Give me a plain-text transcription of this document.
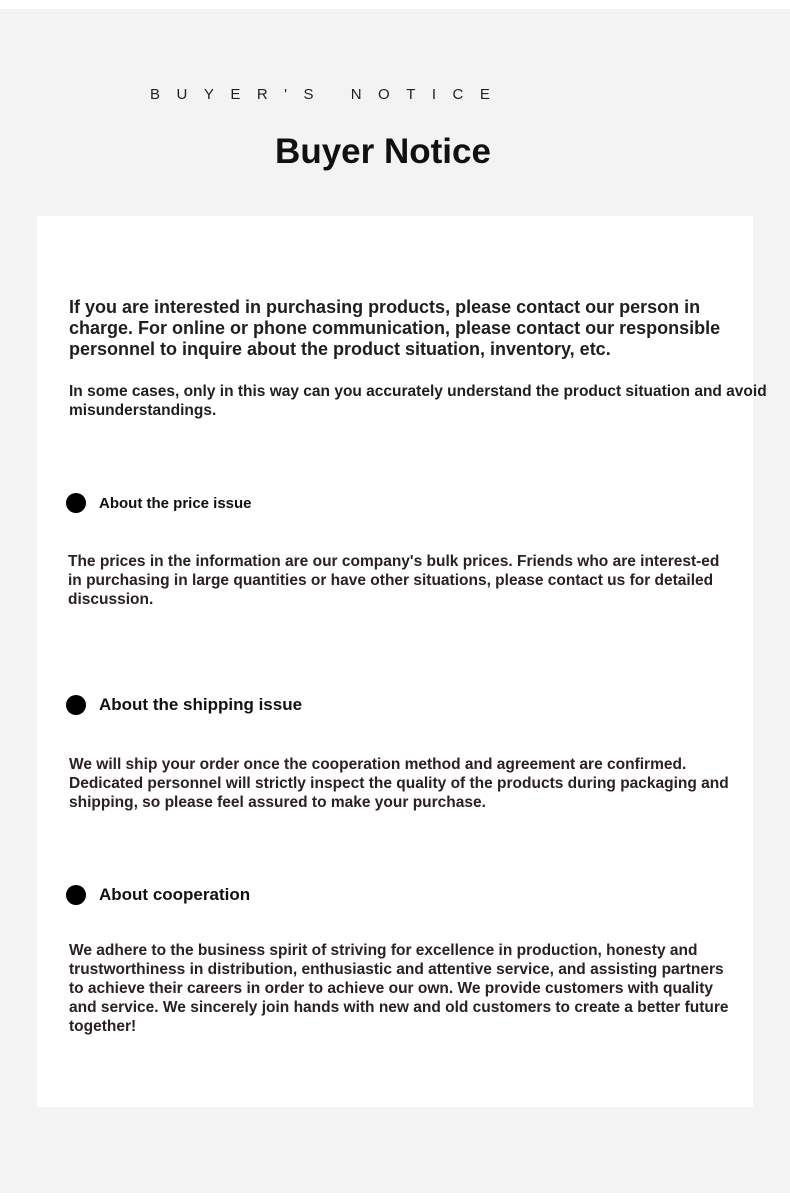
BUYER'S NOTICE
Buyer Notice
If you are interested in purchasing products, please contact our person in charge. For online or phone communication, please contact our responsible personnel to inquire about the product situation, inventory, etc.
In some cases, only in this way can you accurately understand the product situation and avoid misunderstandings.
About the price issue
The prices in the information are our company's bulk prices. Friends who are interest-ed in purchasing in large quantities or have other situations, please contact us for detailed discussion.
About the shipping issue
We will ship your order once the cooperation method and agreement are confirmed. Dedicated personnel will strictly inspect the quality of the products during packaging and shipping, so please feel assured to make your purchase.
About cooperation
We adhere to the business spirit of striving for excellence in production, honesty and trustworthiness in distribution, enthusiastic and attentive service, and assisting partners to achieve their careers in order to achieve our own. We provide customers with quality and service. We sincerely join hands with new and old customers to create a better future together!
